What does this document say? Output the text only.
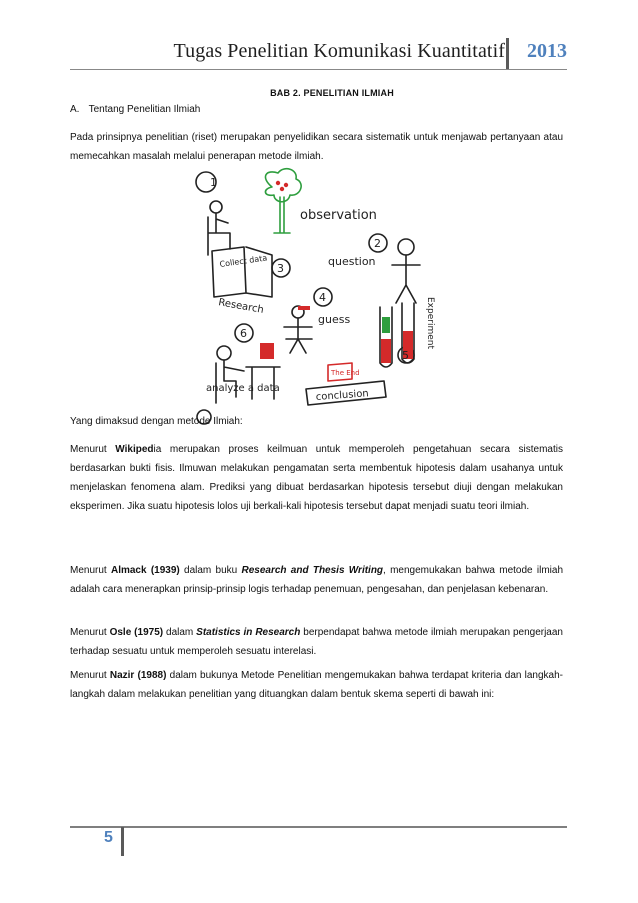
Tugas Penelitian Komunikasi Kuantitatif 2013
BAB 2. PENELITIAN ILMIAH
A. Tentang Penelitian Ilmiah
Pada prinsipnya penelitian (riset) merupakan penyelidikan secara sistematik untuk menjawab pertanyaan atau memecahkan masalah melalui penerapan metode ilmiah.
1
2
3
4
5
6
observation
question
Collect data
Research
guess	Experiment
analyze a data	conclusion
The End
Yang dimaksud dengan metode Ilmiah:
Menurut Wikipedia merupakan proses keilmuan untuk memperoleh pengetahuan secara sistematis berdasarkan bukti fisis. Ilmuwan melakukan pengamatan serta membentuk hipotesis dalam usahanya untuk menjelaskan fenomena alam. Prediksi yang dibuat berdasarkan hipotesis tersebut diuji dengan melakukan eksperimen. Jika suatu hipotesis lolos uji berkali-kali hipotesis tersebut dapat menjadi suatu teori ilmiah.
Menurut Almack (1939) dalam buku Research and Thesis Writing, mengemukakan bahwa metode ilmiah adalah cara menerapkan prinsip-prinsip logis terhadap penemuan, pengesahan, dan penjelasan kebenaran.
Menurut Osle (1975) dalam Statistics in Research berpendapat bahwa metode ilmiah merupakan pengerjaan terhadap sesuatu untuk memperoleh sesuatu interelasi.
Menurut Nazir (1988) dalam bukunya Metode Penelitian mengemukakan bahwa terdapat kriteria dan langkah-langkah dalam melakukan penelitian yang dituangkan dalam bentuk skema seperti di bawah ini:
5
